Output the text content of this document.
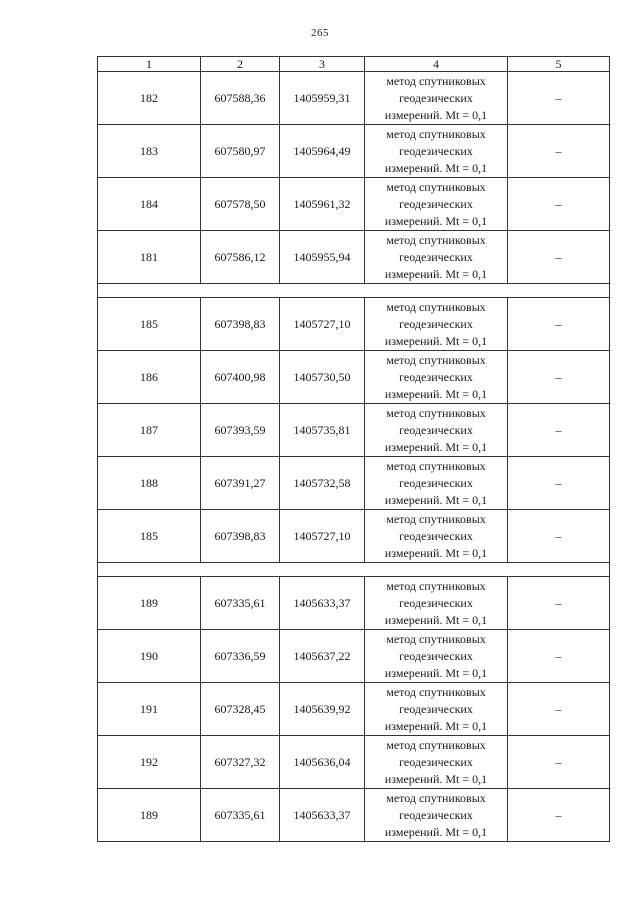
265
1	2	3	4	5
182	607588,36	1405959,31	метод спутниковых
геодезических
измерений. Mt = 0,1	–
183	607580,97	1405964,49	метод спутниковых
геодезических
измерений. Mt = 0,1	–
184	607578,50	1405961,32	метод спутниковых
геодезических
измерений. Mt = 0,1	–
181	607586,12	1405955,94	метод спутниковых
геодезических
измерений. Mt = 0,1	–

185	607398,83	1405727,10	метод спутниковых
геодезических
измерений. Mt = 0,1	–
186	607400,98	1405730,50	метод спутниковых
геодезических
измерений. Mt = 0,1	–
187	607393,59	1405735,81	метод спутниковых
геодезических
измерений. Mt = 0,1	–
188	607391,27	1405732,58	метод спутниковых
геодезических
измерений. Mt = 0,1	–
185	607398,83	1405727,10	метод спутниковых
геодезических
измерений. Mt = 0,1	–

189	607335,61	1405633,37	метод спутниковых
геодезических
измерений. Mt = 0,1	–
190	607336,59	1405637,22	метод спутниковых
геодезических
измерений. Mt = 0,1	–
191	607328,45	1405639,92	метод спутниковых
геодезических
измерений. Mt = 0,1	–
192	607327,32	1405636,04	метод спутниковых
геодезических
измерений. Mt = 0,1	–
189	607335,61	1405633,37	метод спутниковых
геодезических
измерений. Mt = 0,1	–
